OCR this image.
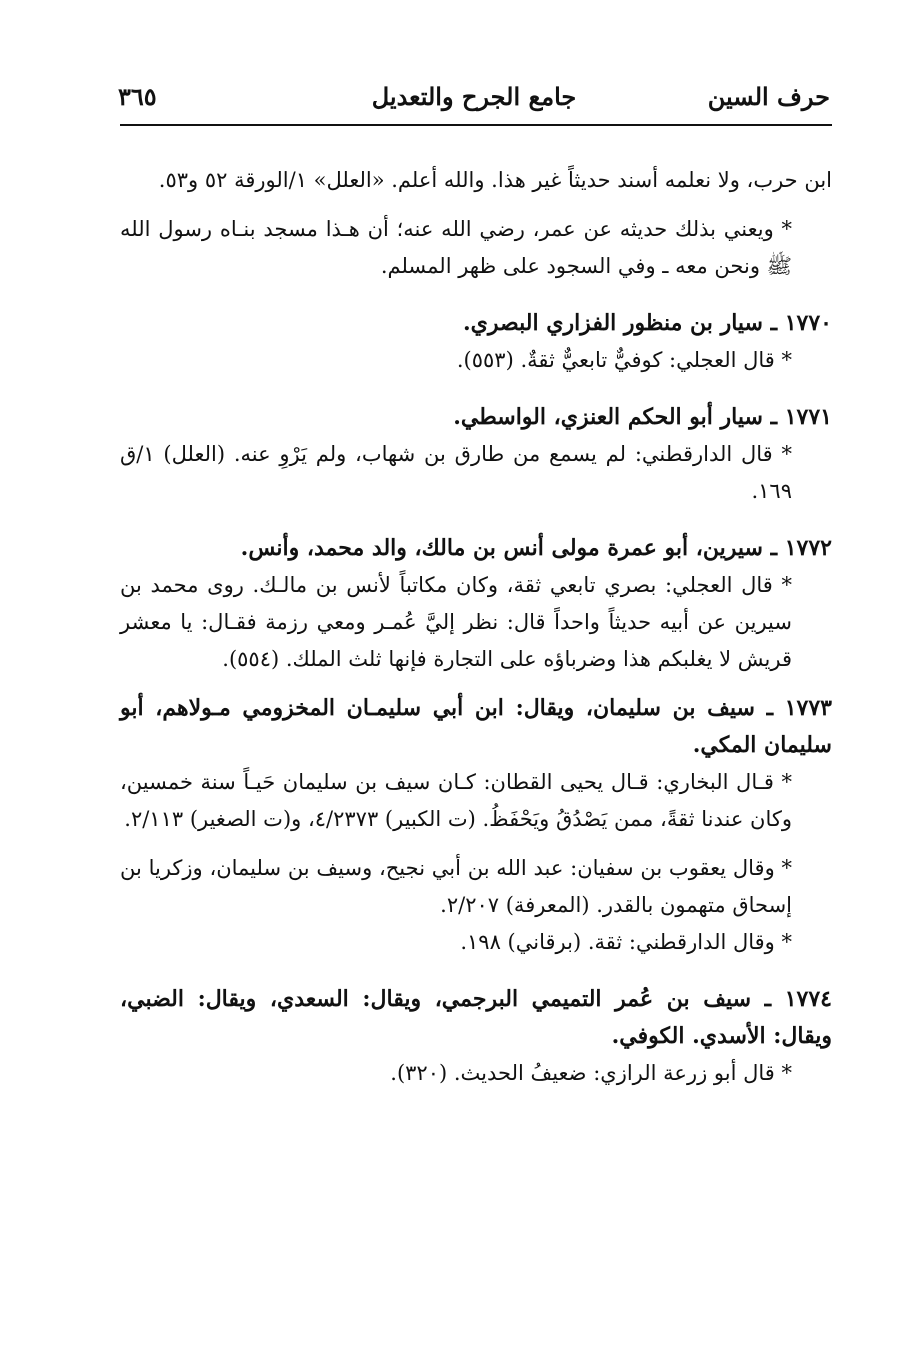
حرف السين
جامع الجرح والتعديل
٣٦٥

ابن حرب، ولا نعلمه أسند حديثاً غير هذا. والله أعلم. «العلل» ١/الورقة ٥٢ و٥٣.

* ويعني بذلك حديثه عن عمر، رضي الله عنه؛ أن هـذا مسجد بنـاه رسول الله ﷺ ونحن معه ـ وفي السجود على ظهر المسلم.

١٧٧٠ ـ سيار بن منظور الفزاري البصري.

* قال العجلي: كوفيٌّ تابعيٌّ ثقةٌ. (٥٥٣).

١٧٧١ ـ سيار أبو الحكم العنزي، الواسطي.

* قال الدارقطني: لم يسمع من طارق بن شهاب، ولم يَرْوِ عنه. (العلل) ١/ق ١٦٩.

١٧٧٢ ـ سيرين، أبو عمرة مولى أنس بن مالك، والد محمد، وأنس.

* قال العجلي: بصري تابعي ثقة، وكان مكاتباً لأنس بن مالـك. روى محمد بن سيرين عن أبيه حديثاً واحداً قال: نظر إليَّ عُمـر ومعي رزمة فقـال: يا معشر قريش لا يغلبكم هذا وضرباؤه على التجارة فإنها ثلث الملك. (٥٥٤).

١٧٧٣ ـ سيف بن سليمان، ويقال: ابن أبي سليمـان المخزومي مـولاهم، أبو سليمان المكي.

* قـال البخاري: قـال يحيى القطان: كـان سيف بن سليمان حَيـاً سنة خمسين، وكان عندنا ثقةً، ممن يَصْدُقُ ويَحْفَظُ. (ت الكبير) ٤/٢٣٧٣، و(ت الصغير) ٢/١١٣.

* وقال يعقوب بن سفيان: عبد الله بن أبي نجيح، وسيف بن سليمان، وزكريا بن إسحاق متهمون بالقدر. (المعرفة) ٢/٢٠٧.

* وقال الدارقطني: ثقة. (برقاني) ١٩٨.

١٧٧٤ ـ سيف بن عُمر التميمي البرجمي، ويقال: السعدي، ويقال: الضبي، ويقال: الأسدي. الكوفي.

* قال أبو زرعة الرازي: ضعيفُ الحديث. (٣٢٠).
